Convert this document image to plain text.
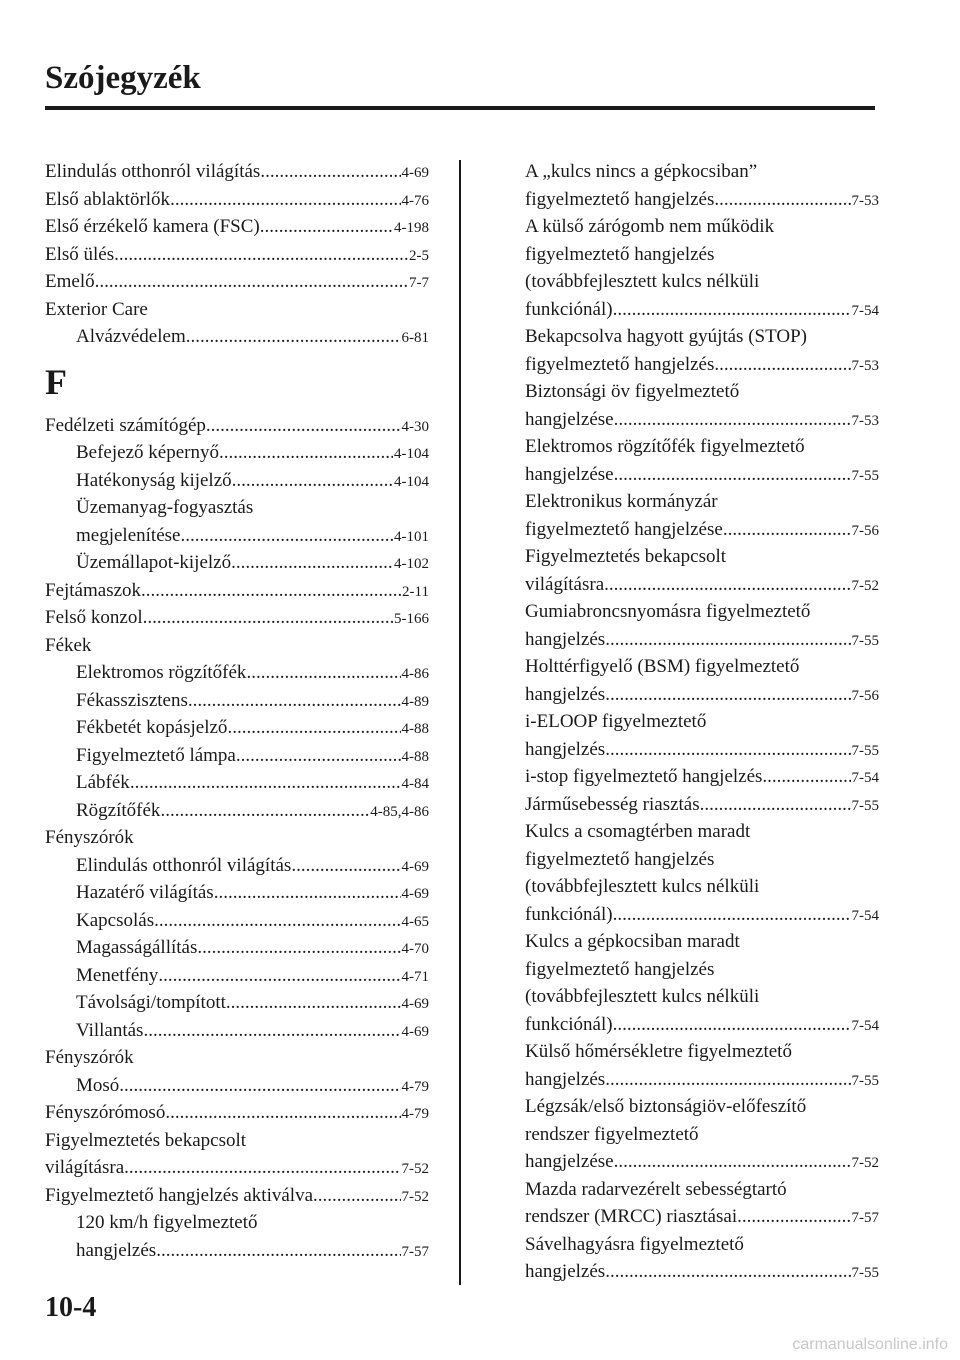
Szójegyzék
Elindulás otthonról világítás .....	4-69
Első ablaktörlők .....	4-76
Első érzékelő kamera (FSC) .....	4-198
Első ülés .....	2-5
Emelő .....	7-7
Exterior Care
Alvázvédelem .....	6-81
F
Fedélzeti számítógép .....	4-30
Befejező képernyő .....	4-104
Hatékonyság kijelző .....	4-104
Üzemanyag-fogyasztás
megjelenítése .....	4-101
Üzemállapot-kijelző .....	4-102
Fejtámaszok .....	2-11
Felső konzol .....	5-166
Fékek
Elektromos rögzítőfék .....	4-86
Fékasszisztens .....	4-89
Fékbetét kopásjelző .....	4-88
Figyelmeztető lámpa .....	4-88
Lábfék .....	4-84
Rögzítőfék .....	4-85,4-86
Fényszórók
Elindulás otthonról világítás .....	4-69
Hazatérő világítás .....	4-69
Kapcsolás .....	4-65
Magasságállítás .....	4-70
Menetfény .....	4-71
Távolsági/tompított .....	4-69
Villantás .....	4-69
Fényszórók
Mosó .....	4-79
Fényszórómosó .....	4-79
Figyelmeztetés bekapcsolt
világításra .....	7-52
Figyelmeztető hangjelzés aktiválva .....	7-52
120 km/h figyelmeztető
hangjelzés .....	7-57
A „kulcs nincs a gépkocsiban”
figyelmeztető hangjelzés .....	7-53
A külső zárógomb nem működik
figyelmeztető hangjelzés
(továbbfejlesztett kulcs nélküli
funkciónál) .....	7-54
Bekapcsolva hagyott gyújtás (STOP)
figyelmeztető hangjelzés .....	7-53
Biztonsági öv figyelmeztető
hangjelzése .....	7-53
Elektromos rögzítőfék figyelmeztető
hangjelzése .....	7-55
Elektronikus kormányzár
figyelmeztető hangjelzése .....	7-56
Figyelmeztetés bekapcsolt
világításra .....	7-52
Gumiabroncsnyomásra figyelmeztető
hangjelzés .....	7-55
Holttérfigyelő (BSM) figyelmeztető
hangjelzés .....	7-56
i-ELOOP figyelmeztető
hangjelzés .....	7-55
i-stop figyelmeztető hangjelzés .....	7-54
Járműsebesség riasztás .....	7-55
Kulcs a csomagtérben maradt
figyelmeztető hangjelzés
(továbbfejlesztett kulcs nélküli
funkciónál) .....	7-54
Kulcs a gépkocsiban maradt
figyelmeztető hangjelzés
(továbbfejlesztett kulcs nélküli
funkciónál) .....	7-54
Külső hőmérsékletre figyelmeztető
hangjelzés .....	7-55
Légzsák/első biztonságiöv-előfeszítő
rendszer figyelmeztető
hangjelzése .....	7-52
Mazda radarvezérelt sebességtartó
rendszer (MRCC) riasztásai .....	7-57
Sávelhagyásra figyelmeztető
hangjelzés .....	7-55
10-4
carmanualsonline.info
